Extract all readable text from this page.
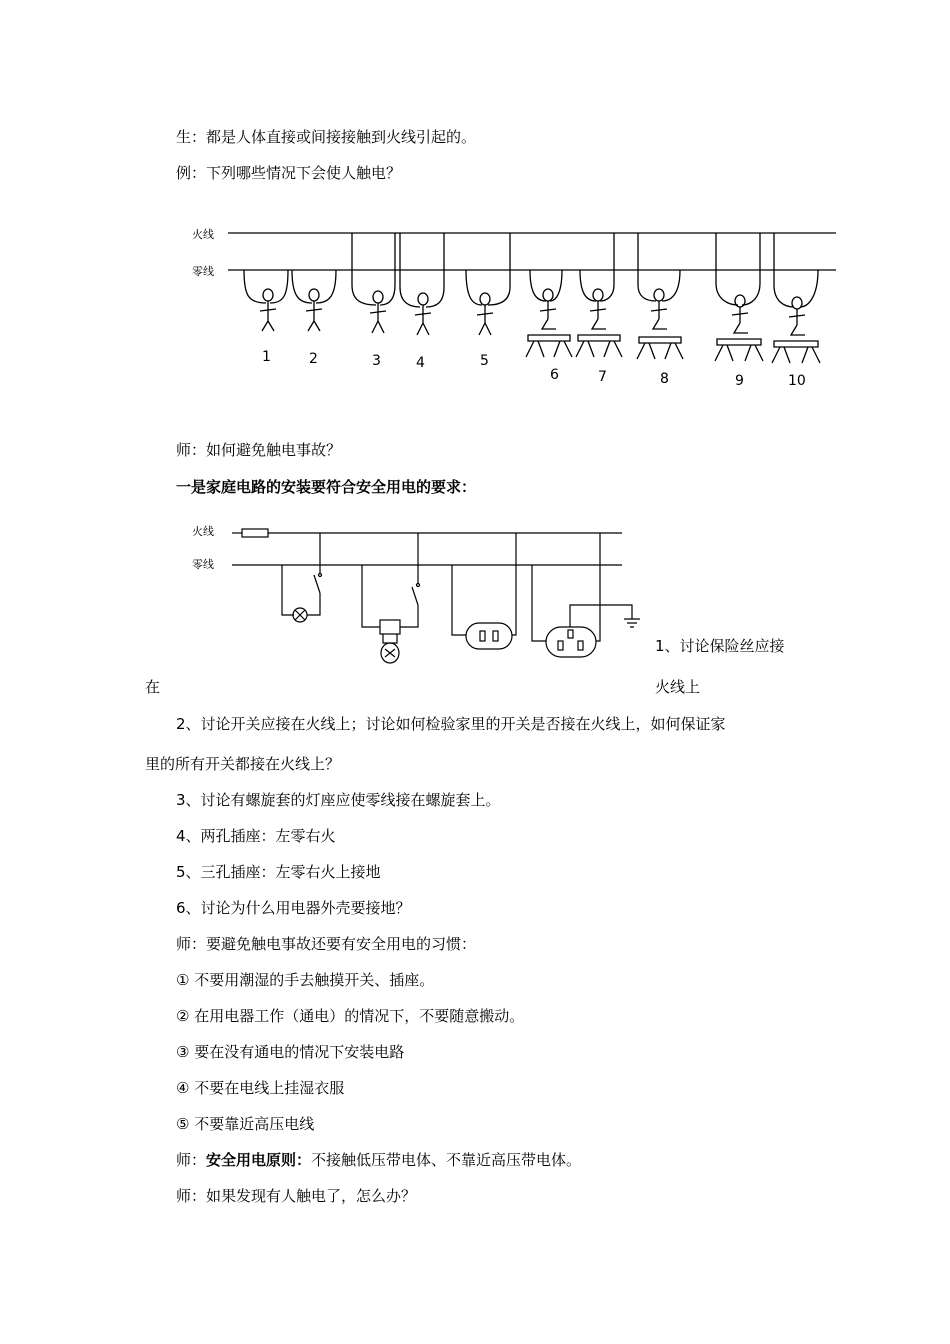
生：都是人体直接或间接接触到火线引起的。
例：下列哪些情况下会使人触电？
火线
零线
1	2	3	4	5
6	7	8	9	10
师：如何避免触电事故？
一是家庭电路的安装要符合安全用电的要求：
火线
零线
1、讨论保险丝应接
在	火线上
2、讨论开关应接在火线上；讨论如何检验家里的开关是否接在火线上，如何保证家
里的所有开关都接在火线上？
3、讨论有螺旋套的灯座应使零线接在螺旋套上。
4、两孔插座：左零右火
5、三孔插座：左零右火上接地
6、讨论为什么用电器外壳要接地？
师：要避免触电事故还要有安全用电的习惯：
① 不要用潮湿的手去触摸开关、插座。
② 在用电器工作（通电）的情况下，不要随意搬动。
③ 要在没有通电的情况下安装电路
④ 不要在电线上挂湿衣服
⑤ 不要靠近高压电线
师：安全用电原则：不接触低压带电体、不靠近高压带电体。
师：如果发现有人触电了，怎么办？
